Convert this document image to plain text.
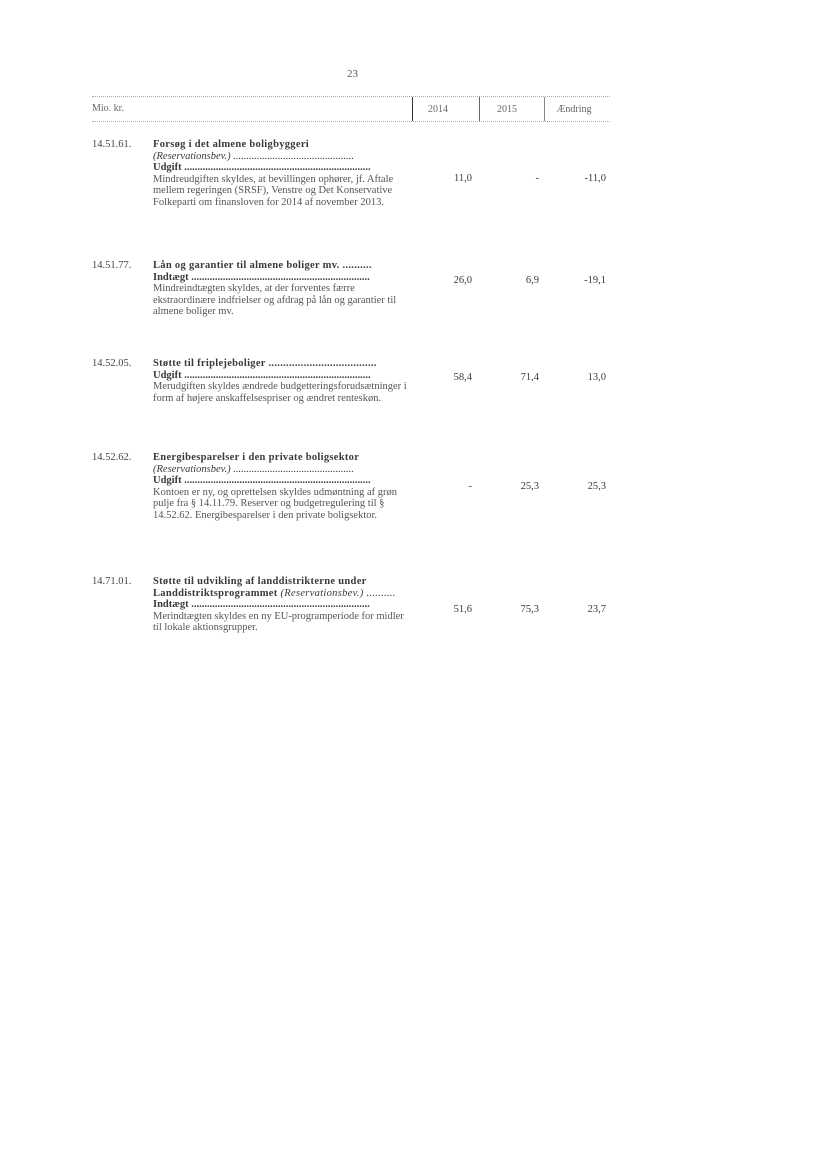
23
Mio. kr.	2014	2015	Ændring
14.51.61.	Forsøg i det almene boligbyggeri
(Reservationsbev.) ..............................................
Udgift .......................................................................
Mindreudgiften skyldes, at bevillingen ophører, jf. Aftale mellem regeringen (SRSF), Venstre og Det Konservative Folkeparti om finansloven for 2014 af november 2013.
11,0	-	-11,0
14.51.77.	Lån og garantier til almene boliger mv. ..........
Indtægt ....................................................................
Mindreindtægten skyldes, at der forventes færre ekstraordinære indfrielser og afdrag på lån og garantier til almene boliger mv.
26,0	6,9	-19,1
14.52.05.	Støtte til friplejeboliger .....................................
Udgift .......................................................................
Merudgiften skyldes ændrede budgetteringsforudsætninger i form af højere anskaffelsespriser og ændret renteskøn.
58,4	71,4	13,0
14.52.62.	Energibesparelser i den private boligsektor
(Reservationsbev.) ..............................................
Udgift .......................................................................
Kontoen er ny, og oprettelsen skyldes udmøntning af grøn pulje fra § 14.11.79. Reserver og budgetregulering til § 14.52.62. Energibesparelser i den private boligsektor.
-	25,3	25,3
14.71.01.	Støtte til udvikling af landdistrikterne under Landdistriktsprogrammet (Reservationsbev.) ..........
Indtægt ....................................................................
Merindtægten skyldes en ny EU-programperiode for midler til lokale aktionsgrupper.
51,6	75,3	23,7
